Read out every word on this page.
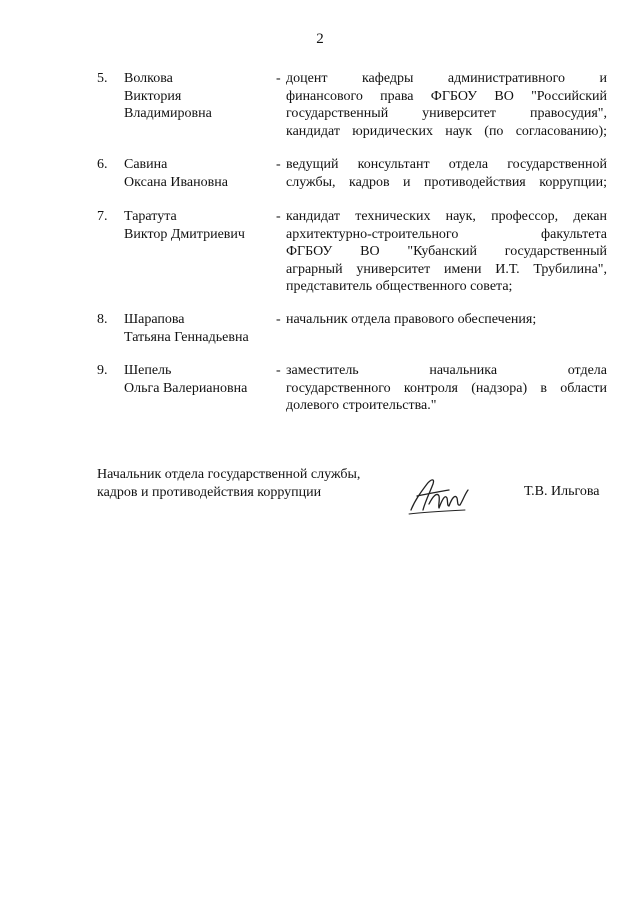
2
5. Волкова
Виктория
Владимировна
- доцент кафедры административного и
финансового права ФГБОУ ВО "Российский
государственный университет правосудия",
кандидат юридических наук (по согласованию);
6. Савина
Оксана Ивановна
- ведущий консультант отдела государственной
службы, кадров и противодействия коррупции;
7. Таратута
Виктор Дмитриевич
- кандидат технических наук, профессор, декан
архитектурно-строительного факультета
ФГБОУ ВО "Кубанский государственный
аграрный университет имени И.Т. Трубилина",
представитель общественного совета;
8. Шарапова
Татьяна Геннадьевна
- начальник отдела правового обеспечения;
9. Шепель
Ольга Валериановна
- заместитель начальника отдела
государственного контроля (надзора) в области
долевого строительства."
Начальник отдела государственной службы,
кадров и противодействия коррупции	Т.В. Ильгова
